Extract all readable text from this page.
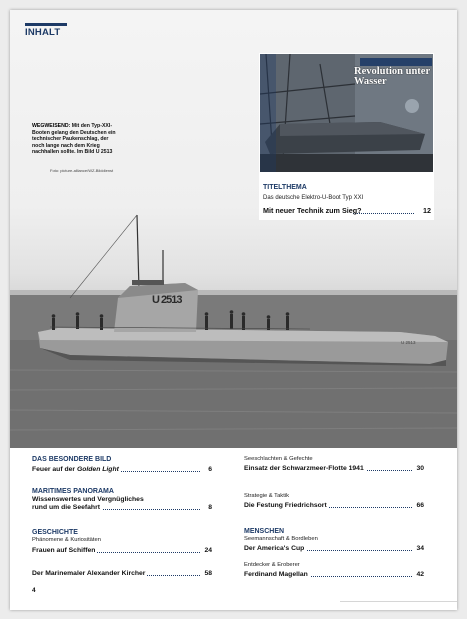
U 2513
U 2513
INHALT
WEGWEISEND: Mit den Typ-XXI-Booten gelang den Deutschen ein technischer Paukenschlag, der noch lange nach dem Krieg nachhallen sollte. Im Bild U 2513
Foto: picture-alliance/WZ-Bilddienst
Revolution unter Wasser
TITELTHEMA
Das deutsche Elektro-U-Boot Typ XXI
Mit neuer Technik zum Sieg?	12
DAS BESONDERE BILD
Feuer auf der Golden Light	6
MARITIMES PANORAMA
Wissenswertes und Vergnügliches
rund um die Seefahrt	8
GESCHICHTE
Phänomene & Kuriositäten
Frauen auf Schiffen	24
Der Marinemaler Alexander Kircher	58
Seeschlachten & Gefechte
Einsatz der Schwarzmeer-Flotte 1941	30
Strategie & Taktik
Die Festung Friedrichsort	66
MENSCHEN
Seemannschaft & Bordleben
Der America's Cup	34
Entdecker & Eroberer
Ferdinand Magellan	42
4
